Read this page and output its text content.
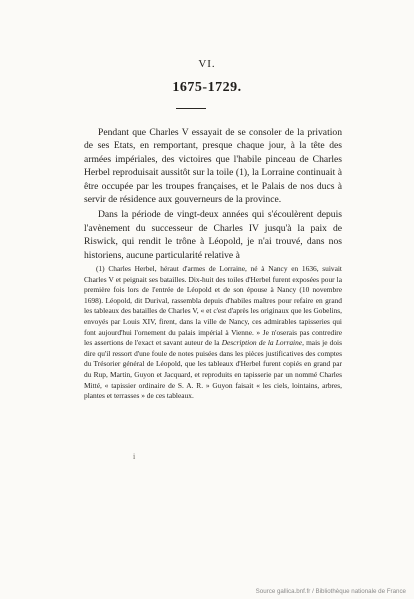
VI.
1675-1729.

Pendant que Charles V essayait de se consoler de la privation de ses Etats, en remportant, presque chaque jour, à la tête des armées impériales, des victoires que l'habile pinceau de Charles Herbel reproduisait aussitôt sur la toile (1), la Lorraine continuait à être occupée par les troupes françaises, et le Palais de nos ducs à servir de résidence aux gouverneurs de la province.

Dans la période de vingt-deux années qui s'écoulèrent depuis l'avènement du successeur de Charles IV jusqu'à la paix de Riswick, qui rendit le trône à Léopold, je n'ai trouvé, dans nos historiens, aucune particularité relative à

(1) Charles Herbel, héraut d'armes de Lorraine, né à Nancy en 1636, suivait Charles V et peignait ses batailles. Dix-huit des toiles d'Herbel furent exposées pour la première fois lors de l'entrée de Léopold et de son épouse à Nancy (10 novembre 1698). Léopold, dit Durival, rassembla depuis d'habiles maîtres pour refaire en grand les tableaux des batailles de Charles V, « et c'est d'après les originaux que les Gobelins, envoyés par Louis XIV, firent, dans la ville de Nancy, ces admirables tapisseries qui font aujourd'hui l'ornement du palais impérial à Vienne. » Je n'oserais pas contredire les assertions de l'exact et savant auteur de la Description de la Lorraine, mais je dois dire qu'il ressort d'une foule de notes puisées dans les pièces justificatives des comptes du Trésorier général de Léopold, que les tableaux d'Herbel furent copiés en grand par du Rup, Martin, Guyon et Jacquard, et reproduits en tapisserie par un nommé Charles Mitté, « tapissier ordinaire de S. A. R. » Guyon faisait « les ciels, lointains, arbres, plantes et terrasses » de ces tableaux.

i
Source gallica.bnf.fr / Bibliothèque nationale de France
